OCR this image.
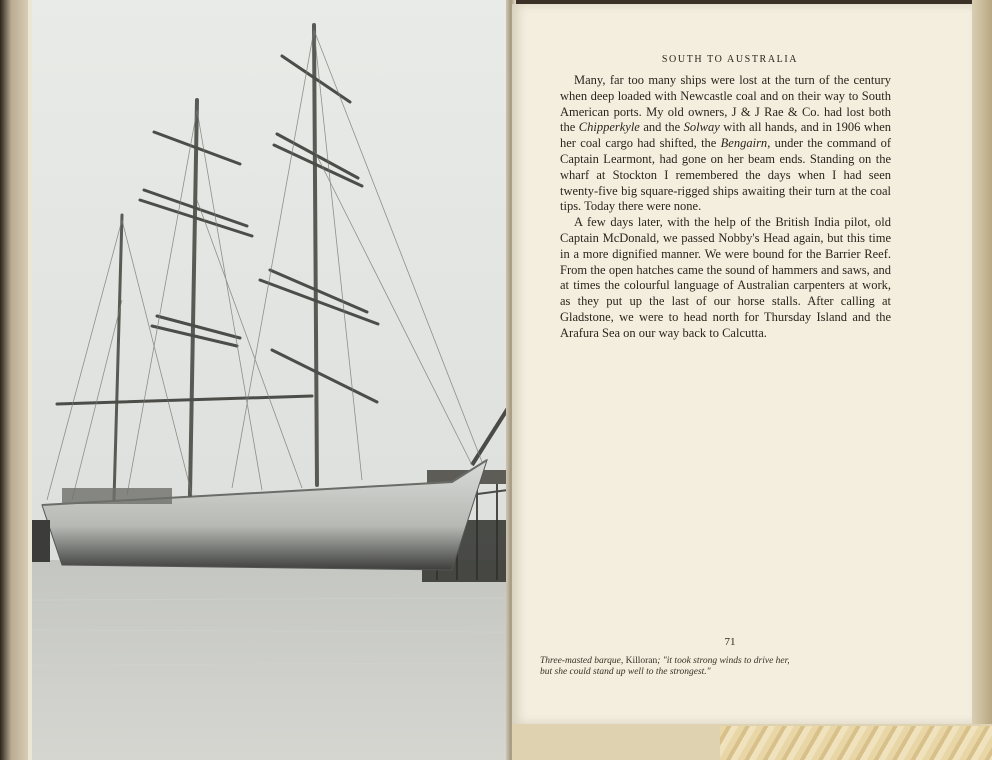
SOUTH TO AUSTRALIA

Many, far too many ships were lost at the turn of the century when deep loaded with Newcastle coal and on their way to South American ports. My old owners, J & J Rae & Co. had lost both the Chipperkyle and the Solway with all hands, and in 1906 when her coal cargo had shifted, the Bengairn, under the command of Captain Learmont, had gone on her beam ends. Standing on the wharf at Stockton I remembered the days when I had seen twenty-five big square-rigged ships awaiting their turn at the coal tips. Today there were none.

A few days later, with the help of the British India pilot, old Captain McDonald, we passed Nobby's Head again, but this time in a more dignified manner. We were bound for the Barrier Reef. From the open hatches came the sound of hammers and saws, and at times the colourful language of Australian carpenters at work, as they put up the last of our horse stalls. After calling at Gladstone, we were to head north for Thursday Island and the Arafura Sea on our way back to Calcutta.

71
Three-masted barque, Killoran; "it took strong winds to drive her, but she could stand up well to the strongest."
